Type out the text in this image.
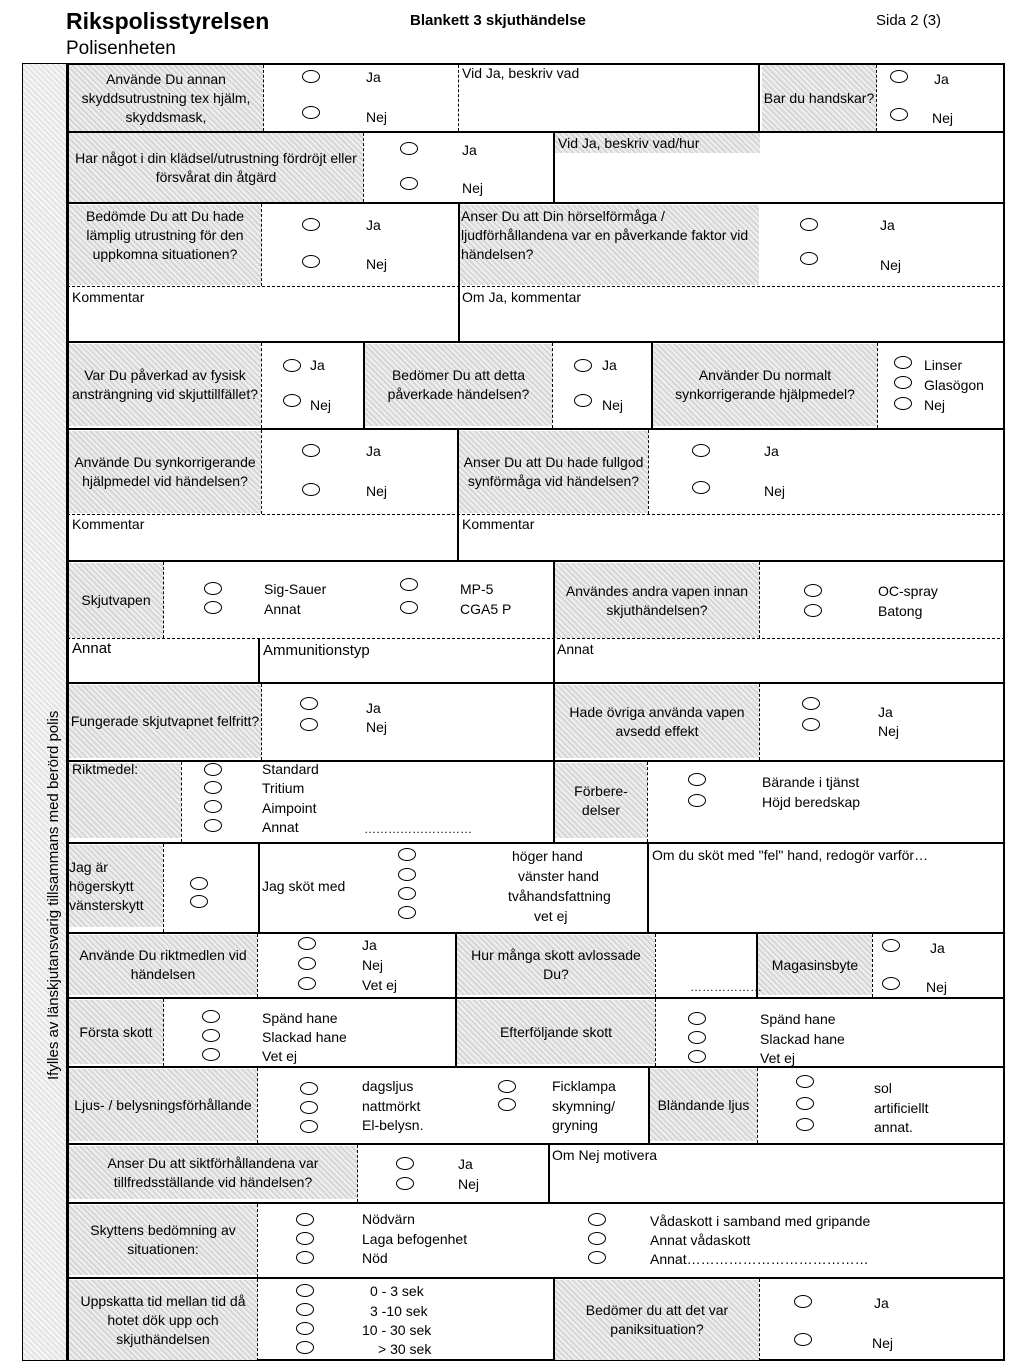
Rikspolisstyrelsen
Polisenheten
Blankett 3 skjuthändelse	Sida 2 (3)
Ifylles av länskjutansvarig tillsammans med berörd polis
Använde Du annan skyddsutrustning tex hjälm, skyddsmask,
Ja
Nej
Vid Ja, beskriv vad
Bar du handskar?
Ja
Nej
Har något i din klädsel/utrustning fördröjt eller försvårat din åtgärd
Ja
Nej
Vid Ja, beskriv vad/hur
Bedömde Du att Du hade lämplig utrustning för den uppkomna situationen?
Ja
Nej
Anser Du att Din hörselförmåga / ljudförhållandena var en påverkande faktor vid händelsen?
Ja
Nej
Kommentar	Om Ja, kommentar
Var Du påverkad av fysisk ansträngning vid skjuttillfället?
Ja
Nej
Bedömer Du att detta påverkade händelsen?
Ja
Nej
Använder Du normalt synkorrigerande hjälpmedel?
Linser
Glasögon
Nej
Använde Du synkorrigerande hjälpmedel vid händelsen?
Ja
Nej
Anser Du att Du hade fullgod synförmåga vid händelsen?
Ja
Nej
Kommentar	Kommentar
Skjutvapen
Sig-Sauer
Annat
MP-5
CGA5 P
Användes andra vapen innan skjuthändelsen?
OC-spray
Batong
Annat	Ammunitionstyp	Annat
Fungerade skjutvapnet felfritt?
Ja
Nej
Hade övriga använda vapen avsedd effekt
Ja
Nej
Riktmedel:	Standard
Tritium
Aimpoint
Annat	………………………
Förbere-delser
Bärande i tjänst
Höjd beredskap
Jag är högerskytt vänsterskytt
Jag sköt med
höger hand
vänster hand
tvåhandsfattning
vet ej
Om du sköt med "fel" hand, redogör varför…
Använde Du riktmedlen vid händelsen
Ja
Nej
Vet ej
Hur många skott avlossade Du?
………………
Magasinsbyte
Ja
Nej
Första skott
Spänd hane
Slackad hane
Vet ej
Efterföljande skott
Spänd hane
Slackad hane
Vet ej
Ljus- / belysningsförhållande
dagsljus
nattmörkt
El-belysn.
Ficklampa
skymning/ gryning
Bländande ljus
sol
artificiellt
annat.
Anser Du att siktförhållandena var tillfredsställande vid händelsen?
Ja
Nej
Om Nej motivera
Skyttens bedömning av situationen:
Nödvärn
Laga befogenhet
Nöd
Vådaskott i samband med gripande
Annat vådaskott
Annat…………………………………
Uppskatta tid mellan tid då hotet dök upp och skjuthändelsen
0 - 3 sek
3 -10 sek
10 - 30 sek
> 30 sek
Bedömer du att det var paniksituation?
Ja
Nej
